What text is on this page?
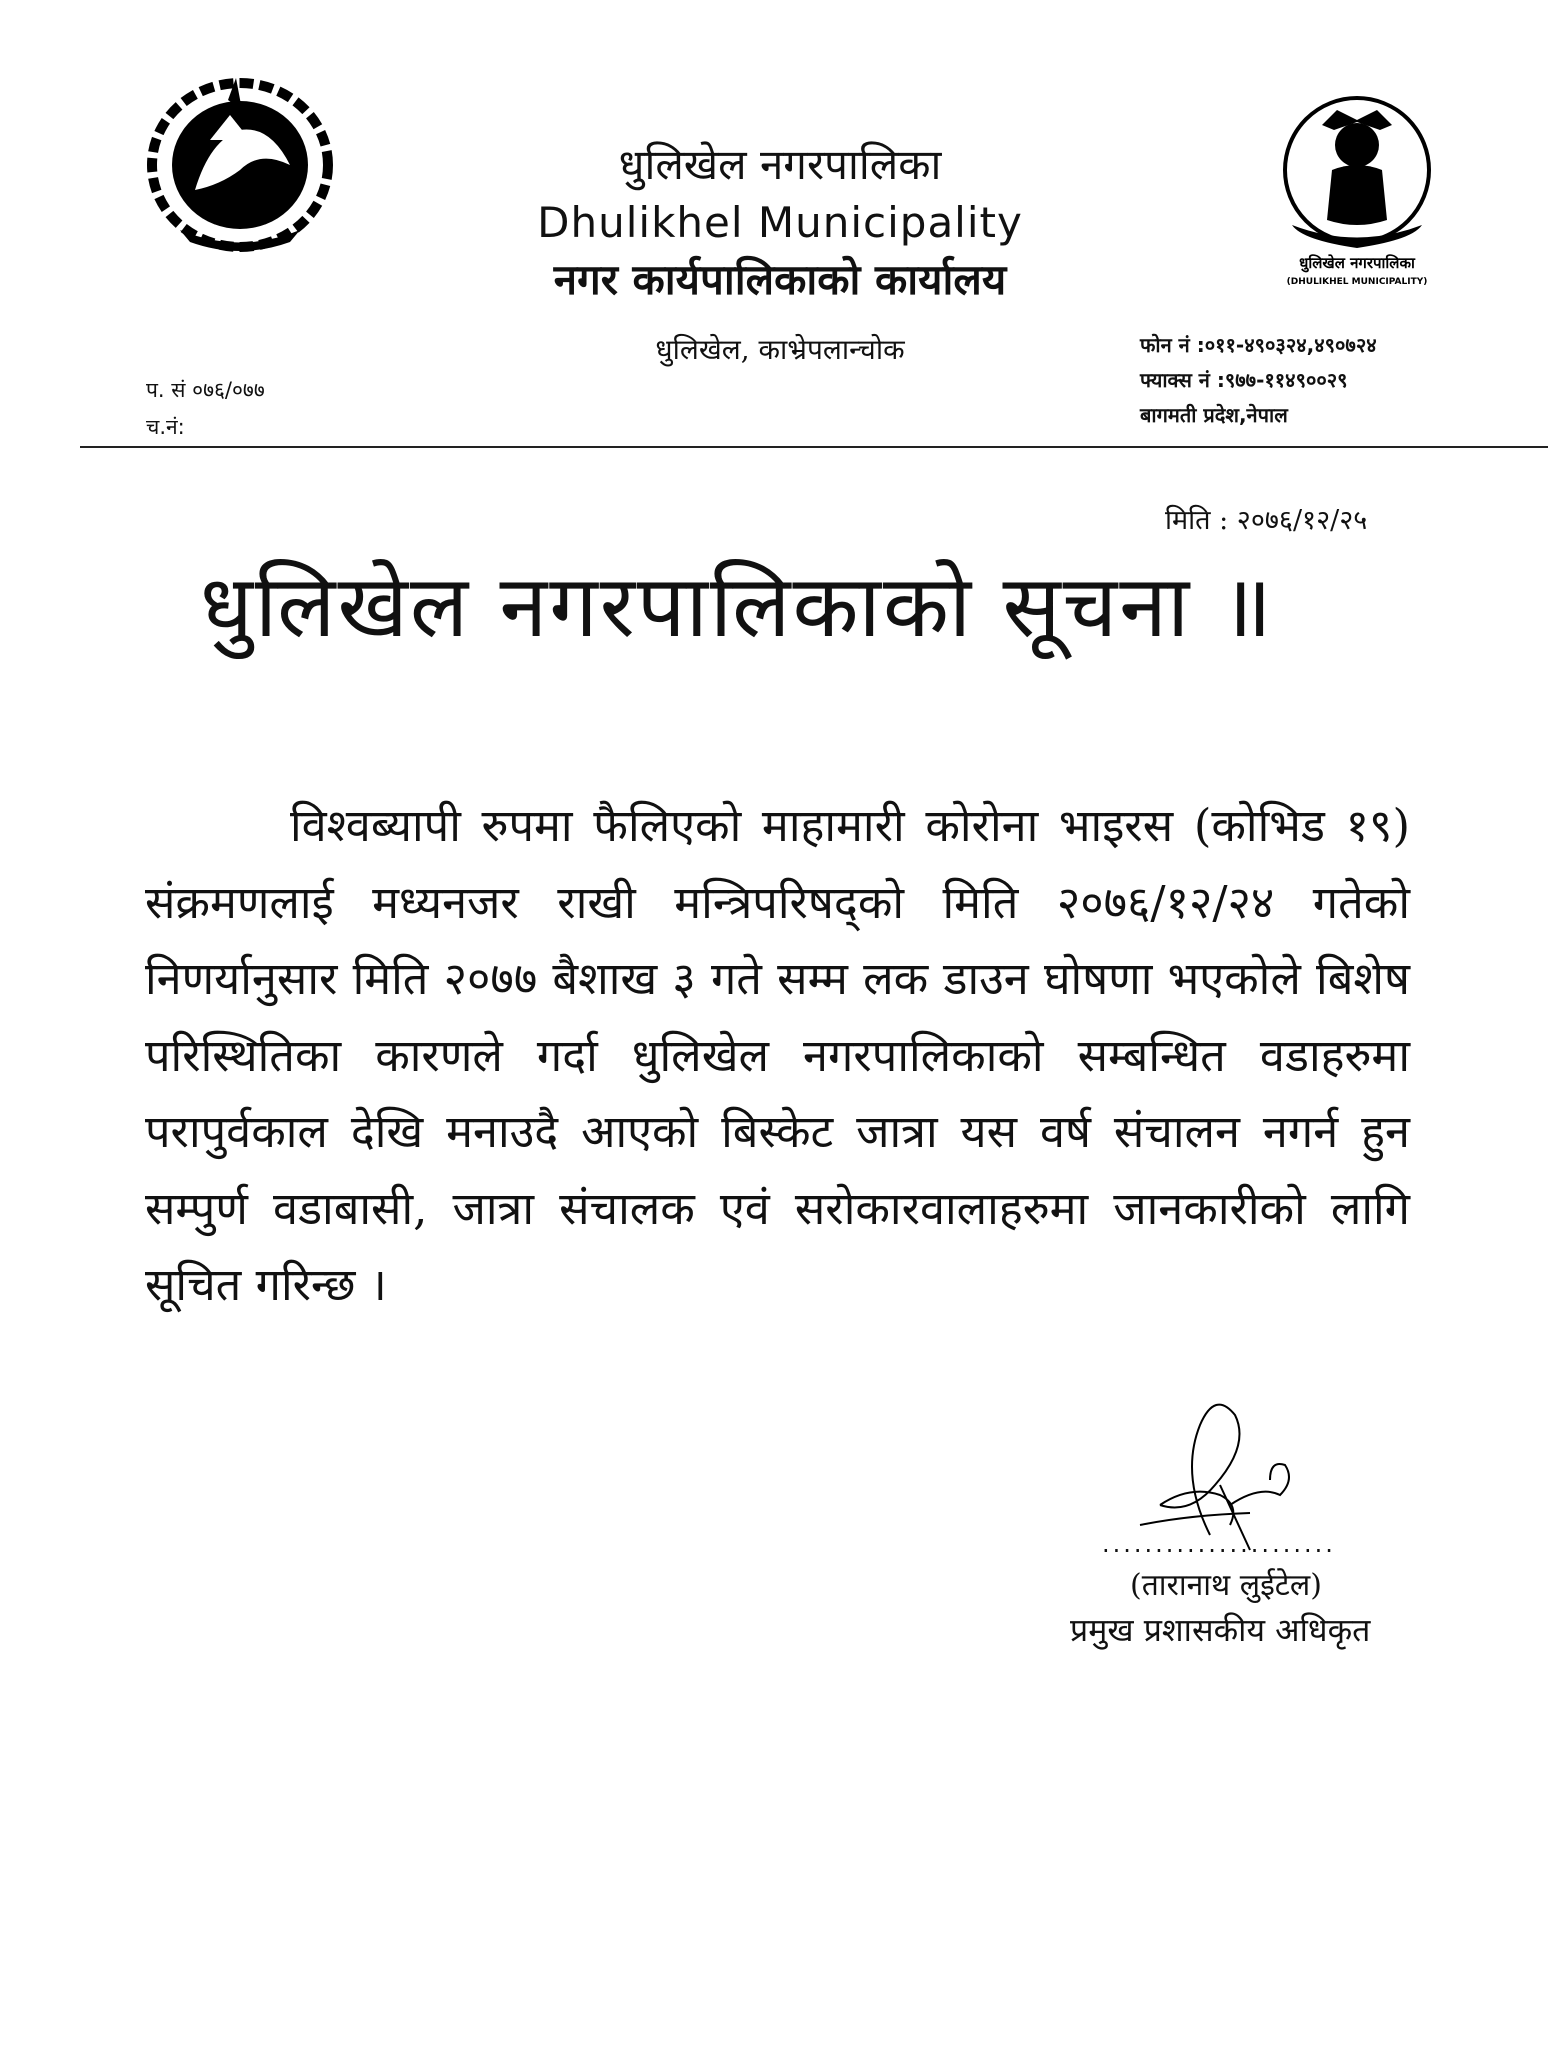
धुलिखेल नगरपालिका
Dhulikhel Municipality
नगर कार्यपालिकाको कार्यालय
धुलिखेल, काभ्रेपलान्चोक
धुलिखेल नगरपालिका
(DHULIKHEL MUNICIPALITY)
फोन नं :०११-४९०३२४,४९०७२४
फ्याक्स नं :९७७-११४९००२९
बागमती प्रदेश,नेपाल
प. सं ०७६/०७७
च.नं:
मिति : २०७६/१२/२५
धुलिखेल नगरपालिकाको सूचना ॥
विश्वब्यापी रुपमा फैलिएको माहामारी कोरोना भाइरस (कोभिड १९) संक्रमणलाई मध्यनजर राखी मन्त्रिपरिषद्को मिति २०७६/१२/२४ गतेको निणर्यानुसार मिति २०७७ बैशाख ३ गते सम्म लक डाउन घोषणा भएकोले बिशेष परिस्थितिका कारणले गर्दा धुलिखेल नगरपालिकाको सम्बन्धित वडाहरुमा परापुर्वकाल देखि मनाउदै आएको बिस्केट जात्रा यस वर्ष संचालन नगर्न हुन सम्पुर्ण वडाबासी, जात्रा संचालक एवं सरोकारवालाहरुमा जानकारीको लागि सूचित गरिन्छ ।
......................
(तारानाथ लुईटेल)
प्रमुख प्रशासकीय अधिकृत
